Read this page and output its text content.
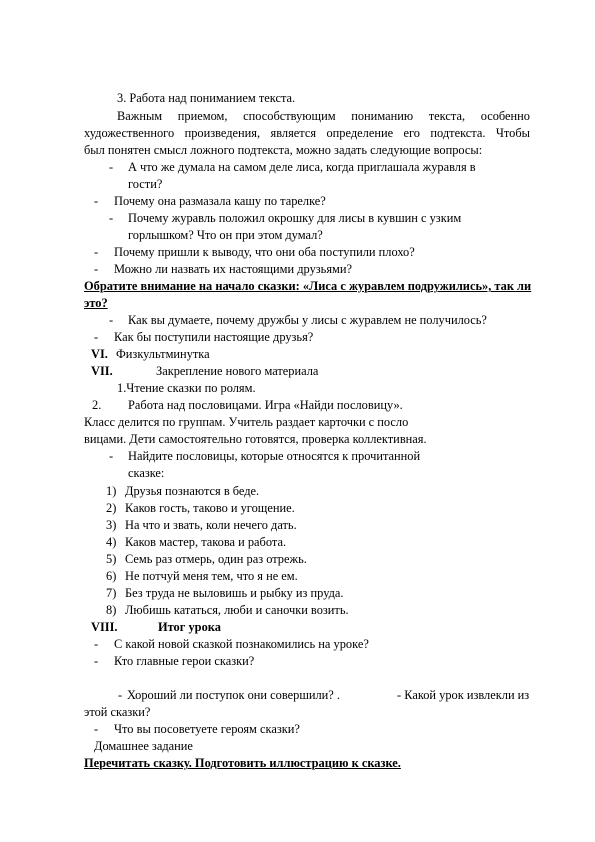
3. Работа над пониманием текста.
Важным приемом, способствующим пониманию текста, особенно
художественного произведения, является определение его подтекста. Чтобы
был понятен смысл ложного подтекста, можно задать следующие вопросы:
- А что же думала на самом деле лиса, когда приглашала журавля в
гости?
- Почему она размазала кашу по тарелке?
- Почему журавль положил окрошку для лисы в кувшин с узким
горлышком? Что он при этом думал?
- Почему пришли к выводу, что они оба поступили плохо?
- Можно ли назвать их настоящими друзьями?
Обратите внимание на начало сказки: «Лиса с журавлем подружились», так ли
это?
- Как вы думаете, почему дружбы у лисы с журавлем не получилось?
- Как бы поступили настоящие друзья?
VI. Физкультминутка
VII.	Закрепление нового материала
1.Чтение сказки по ролям.
2. Работа над пословицами. Игра «Найди пословицу».
Класс делится по группам. Учитель раздает карточки с посло
вицами. Дети самостоятельно готовятся, проверка коллективная.
- Найдите пословицы, которые относятся к прочитанной
сказке:
1) Друзья познаются в беде.
2) Каков гость, таково и угощение.
3) На что и звать, коли нечего дать.
4) Каков мастер, такова и работа.
5) Семь раз отмерь, один раз отрежь.
6) Не потчуй меня тем, что я не ем.
7) Без труда не выловишь и рыбку из пруда.
8) Любишь кататься, люби и саночки возить.
VIII.	Итог урока
- С какой новой сказкой познакомились на уроке?
- Кто главные герои сказки?
- Хороший ли поступок они совершили? .	- Какой урок извлекли из
этой сказки?
- Что вы посоветуете героям сказки?
Домашнее задание
Перечитать сказку. Подготовить иллюстрацию к сказке.
